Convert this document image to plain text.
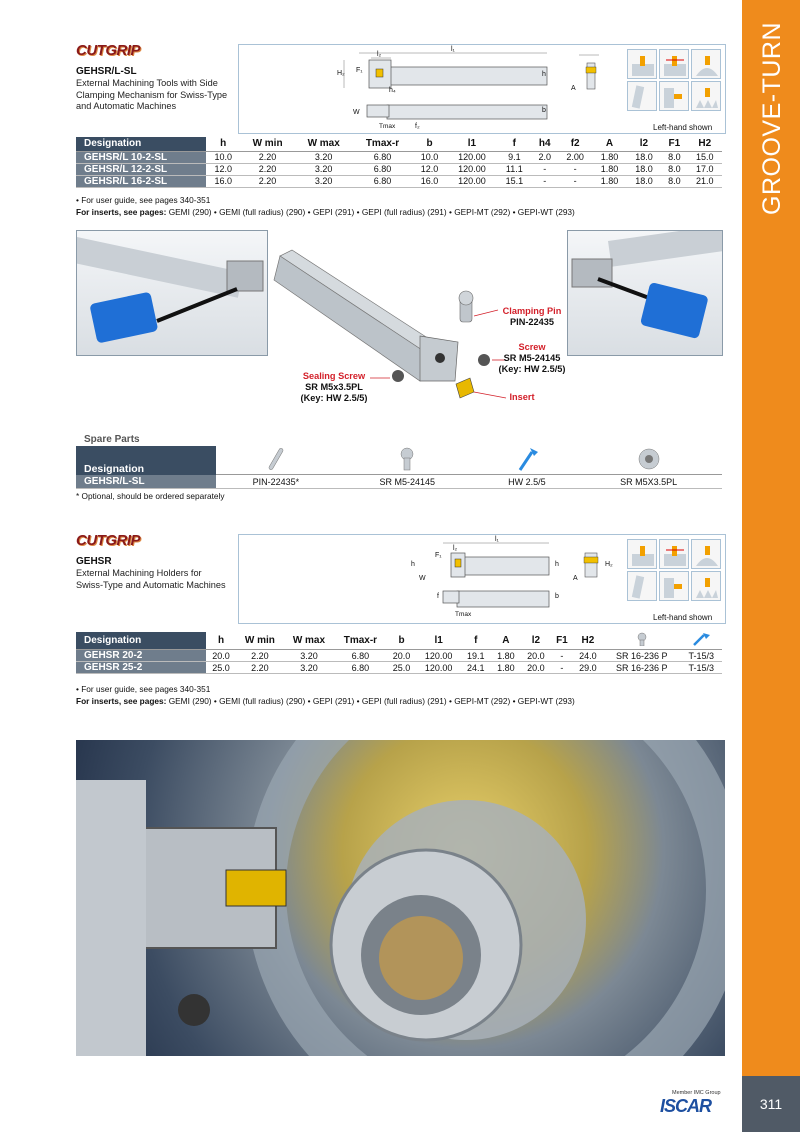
GROOVE-TURN
311
CUTGRIP
GEHSR/L-SL
External Machining Tools with Side
Clamping Mechanism for Swiss-Type
and Automatic Machines
l₁
l₂
H₂ F₁
h
h₄
b
W
Tmax	f₂
A
Left-hand shown
Designation	h	W min	W max	Tmax-r	b	l1	f	h4	f2	A	l2	F1	H2
GEHSR/L 10-2-SL	10.0	2.20	3.20	6.80	10.0	120.00	9.1	2.0	2.00	1.80	18.0	8.0	15.0
GEHSR/L 12-2-SL	12.0	2.20	3.20	6.80	12.0	120.00	11.1	-	-	1.80	18.0	8.0	17.0
GEHSR/L 16-2-SL	16.0	2.20	3.20	6.80	16.0	120.00	15.1	-	-	1.80	18.0	8.0	21.0
• For user guide, see pages 340-351
For inserts, see pages: GEMI (290) • GEMI (full radius) (290) • GEPI (291) • GEPI (full radius) (291) • GEPI-MT (292) • GEPI-WT (293)
Clamping Pin
PIN-22435
Screw
SR M5-24145
(Key: HW 2.5/5)
Sealing Screw
SR M5x3.5PL
(Key: HW 2.5/5)	Insert
Spare Parts
Designation				
GEHSR/L-SL	PIN-22435*	SR M5-24145	HW 2.5/5	SR M5X3.5PL
* Optional, should be ordered separately
CUTGRIP
GEHSR
External Machining Holders for
Swiss-Type and Automatic Machines
l₁
l₂
F₁
h
W
f
h
b
A
H₂
Tmax	Left-hand shown
Designation	h	W min	W max	Tmax-r	b	l1	f	A	l2	F1	H2		
GEHSR 20-2	20.0	2.20	3.20	6.80	20.0	120.00	19.1	1.80	20.0	-	24.0	SR 16-236 P	T-15/3
GEHSR 25-2	25.0	2.20	3.20	6.80	25.0	120.00	24.1	1.80	20.0	-	29.0	SR 16-236 P	T-15/3
• For user guide, see pages 340-351
For inserts, see pages: GEMI (290) • GEMI (full radius) (290) • GEPI (291) • GEPI (full radius) (291) • GEPI-MT (292) • GEPI-WT (293)
Member IMC Group
ISCAR
